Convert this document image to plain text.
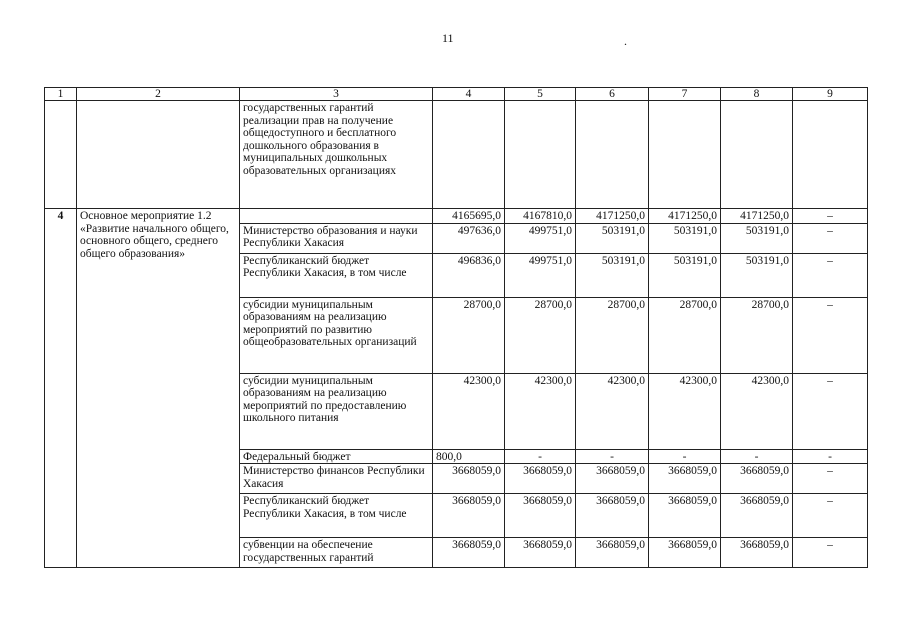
11	.
1	2	3	4	5	6	7	8	9
		государственных гарантий реализации прав на получение общедоступного и бесплатного дошкольного образования в муниципальных дошкольных образовательных организациях						
4	Основное мероприятие 1.2 «Развитие начального общего, основного общего, среднего общего образования»		4165695,0	4167810,0	4171250,0	4171250,0	4171250,0	–
		Министерство образования и науки Республики Хакасия	497636,0	499751,0	503191,0	503191,0	503191,0	–
		Республиканский бюджет Республики Хакасия, в том числе	496836,0	499751,0	503191,0	503191,0	503191,0	–
		субсидии муниципальным образованиям на реализацию мероприятий по развитию общеобразовательных организаций	28700,0	28700,0	28700,0	28700,0	28700,0	–
		субсидии муниципальным образованиям на реализацию мероприятий по предоставлению школьного питания	42300,0	42300,0	42300,0	42300,0	42300,0	–
		Федеральный бюджет	800,0	-	-	-	-	-
		Министерство финансов Республики Хакасия	3668059,0	3668059,0	3668059,0	3668059,0	3668059,0	–
		Республиканский бюджет Республики Хакасия, в том числе	3668059,0	3668059,0	3668059,0	3668059,0	3668059,0	–
		субвенции на обеспечение государственных гарантий	3668059,0	3668059,0	3668059,0	3668059,0	3668059,0	–
